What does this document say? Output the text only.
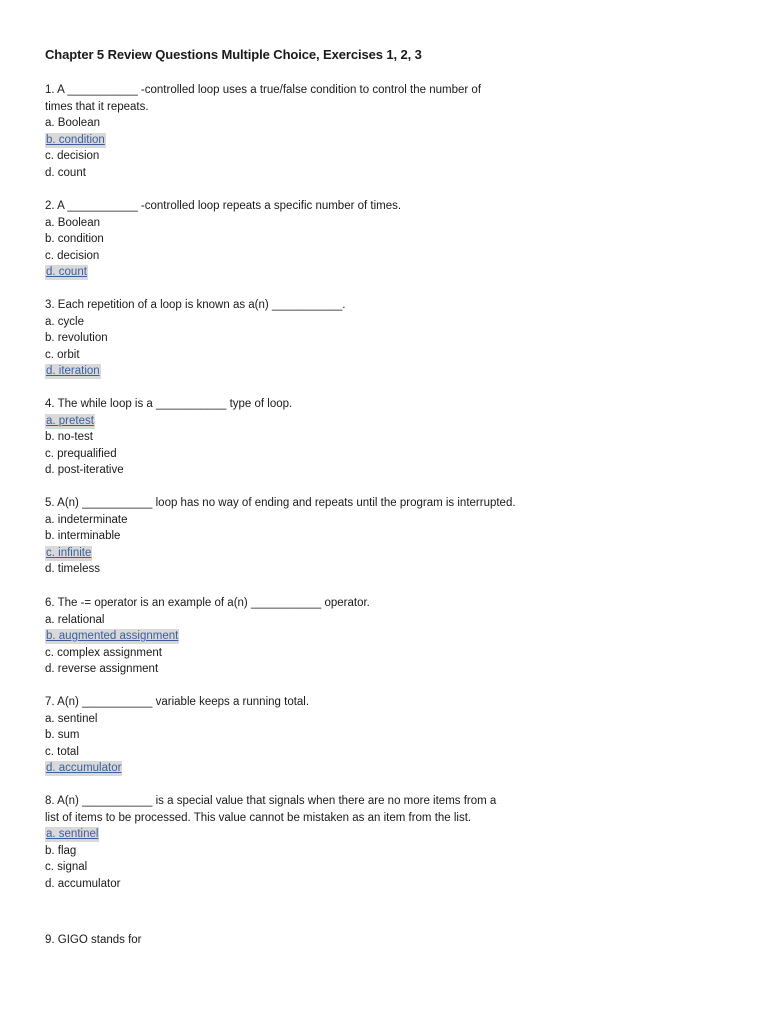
Chapter 5 Review Questions Multiple Choice, Exercises 1, 2, 3
1. A ___________ -controlled loop uses a true/false condition to control the number of
times that it repeats.
a. Boolean
b. condition
c. decision
d. count
2. A ___________ -controlled loop repeats a specific number of times.
a. Boolean
b. condition
c. decision
d. count
3. Each repetition of a loop is known as a(n) ___________.
a. cycle
b. revolution
c. orbit
d. iteration
4. The while loop is a ___________ type of loop.
a. pretest
b. no-test
c. prequalified
d. post-iterative
5. A(n) ___________ loop has no way of ending and repeats until the program is interrupted.
a. indeterminate
b. interminable
c. infinite
d. timeless
6. The -= operator is an example of a(n) ___________ operator.
a. relational
b. augmented assignment
c. complex assignment
d. reverse assignment
7. A(n) ___________ variable keeps a running total.
a. sentinel
b. sum
c. total
d. accumulator
8. A(n) ___________ is a special value that signals when there are no more items from a
list of items to be processed. This value cannot be mistaken as an item from the list.
a. sentinel
b. flag
c. signal
d. accumulator
9. GIGO stands for
